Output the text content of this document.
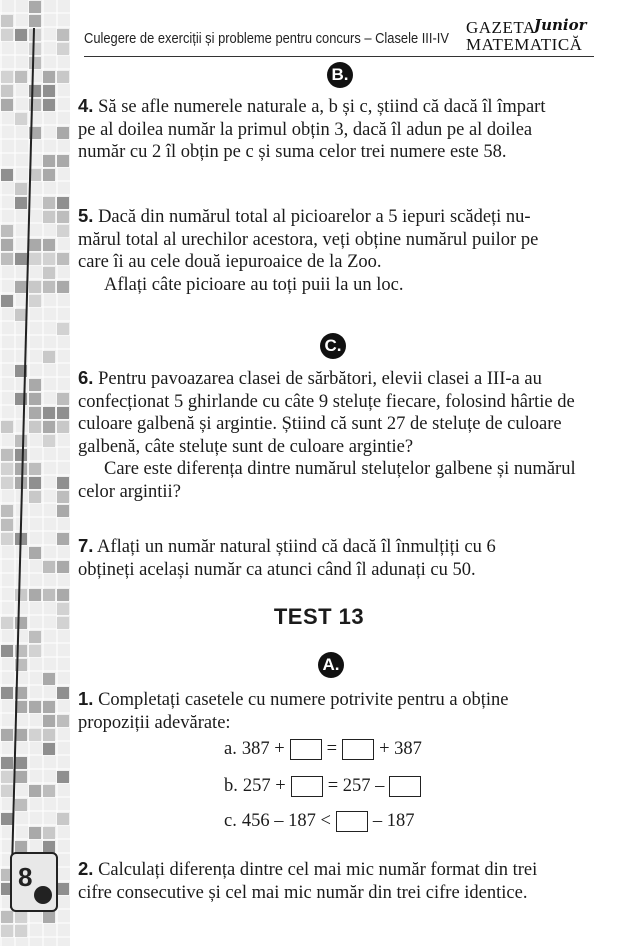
8
Culegere de exerciții și probleme pentru concurs – Clasele III-IV
GAZETA
Junior
MATEMATICĂ
B.
4. Să se afle numerele naturale a, b și c, știind că dacă îl împart
pe al doilea număr la primul obțin 3, dacă îl adun pe al doilea
număr cu 2 îl obțin pe c și suma celor trei numere este 58.
5. Dacă din numărul total al picioarelor a 5 iepuri scădeți nu-
mărul total al urechilor acestora, veți obține numărul puilor pe
care îi au cele două iepuroaice de la Zoo.
Aflați câte picioare au toți puii la un loc.
C.
6. Pentru pavoazarea clasei de sărbători, elevii clasei a III-a au
confecționat 5 ghirlande cu câte 9 steluțe fiecare, folosind hârtie de
culoare galbenă și argintie. Știind că sunt 27 de steluțe de culoare
galbenă, câte steluțe sunt de culoare argintie?
Care este diferența dintre numărul steluțelor galbene și numărul
celor argintii?
7. Aflați un număr natural știind că dacă îl înmulțiți cu 6
obțineți același număr ca atunci când îl adunați cu 50.
TEST 13
A.
1. Completați casetele cu numere potrivite pentru a obține
propoziții adevărate:
a. 387 + = + 387
b. 257 + = 257 –
c. 456 – 187 < – 187
2. Calculați diferența dintre cel mai mic număr format din trei
cifre consecutive și cel mai mic număr din trei cifre identice.
